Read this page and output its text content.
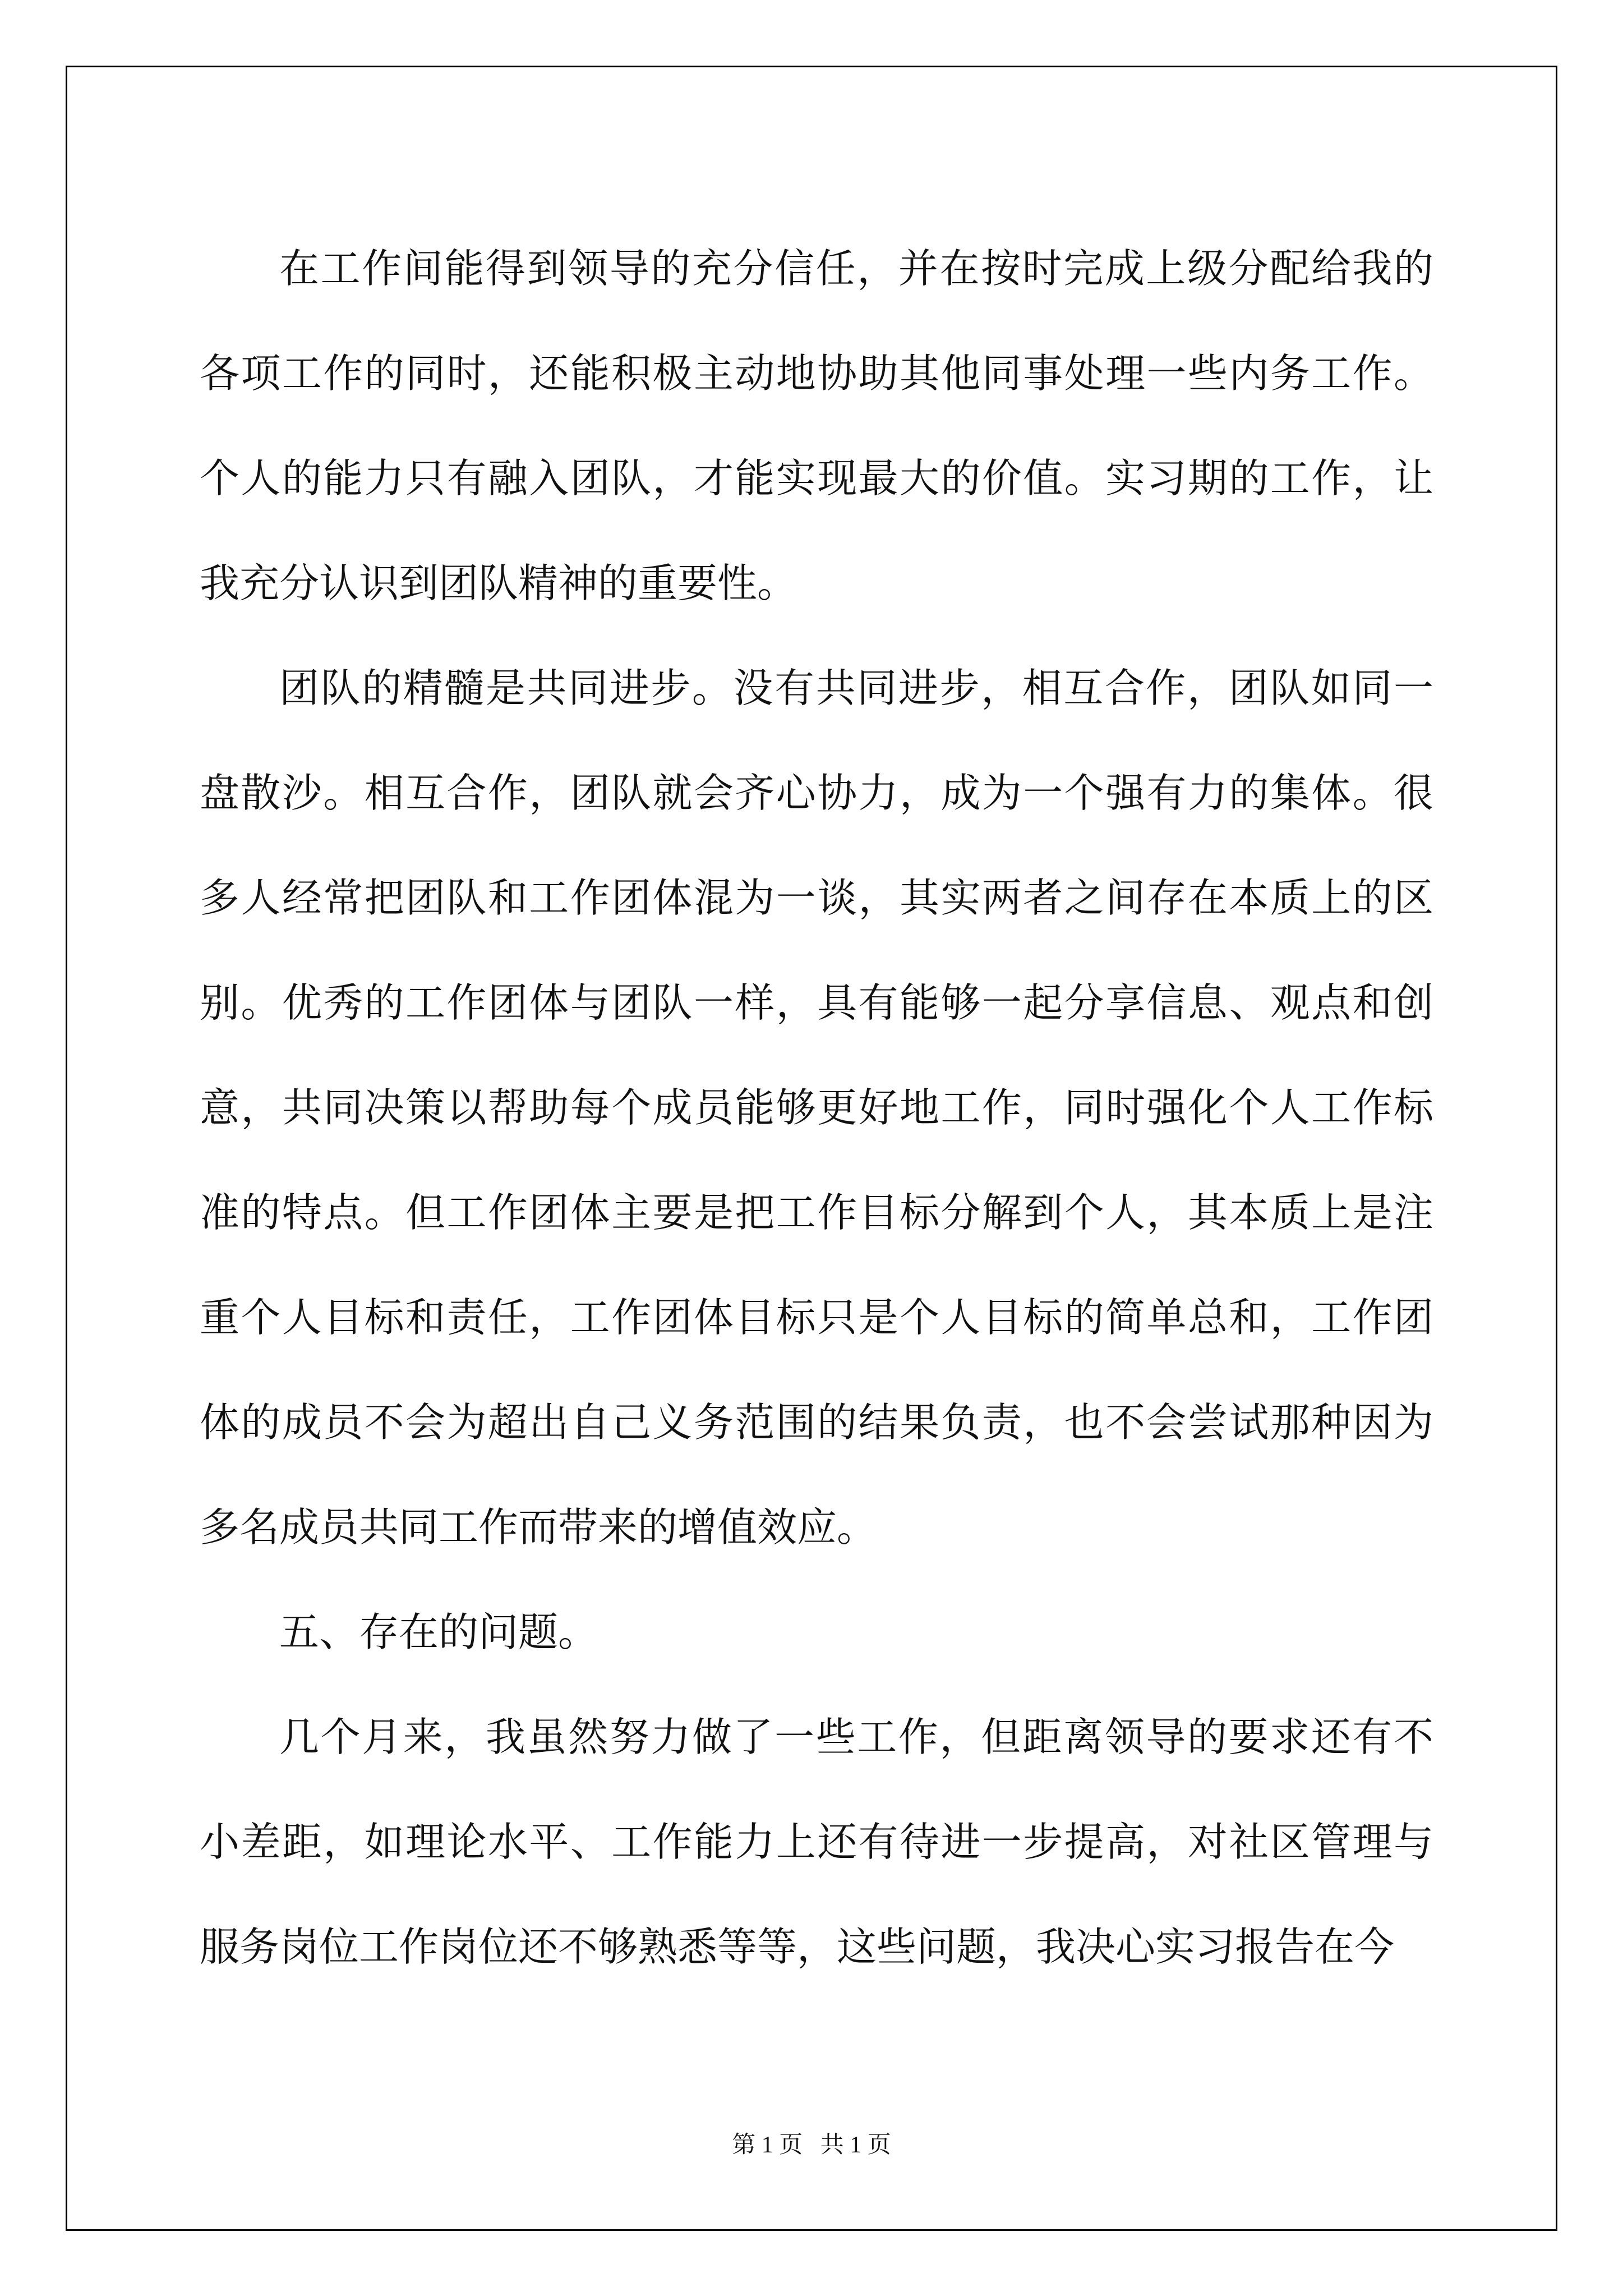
在工作间能得到领导的充分信任，并在按时完成上级分配给我的各项工作的同时，还能积极主动地协助其他同事处理一些内务工作。个人的能力只有融入团队，才能实现最大的价值。实习期的工作，让我充分认识到团队精神的重要性。

团队的精髓是共同进步。没有共同进步，相互合作，团队如同一盘散沙。相互合作，团队就会齐心协力，成为一个强有力的集体。很多人经常把团队和工作团体混为一谈，其实两者之间存在本质上的区别。优秀的工作团体与团队一样，具有能够一起分享信息、观点和创意，共同决策以帮助每个成员能够更好地工作，同时强化个人工作标准的特点。但工作团体主要是把工作目标分解到个人，其本质上是注重个人目标和责任，工作团体目标只是个人目标的简单总和，工作团体的成员不会为超出自己义务范围的结果负责，也不会尝试那种因为多名成员共同工作而带来的增值效应。

五、存在的问题。

几个月来，我虽然努力做了一些工作，但距离领导的要求还有不小差距，如理论水平、工作能力上还有待进一步提高，对社区管理与服务岗位工作岗位还不够熟悉等等，这些问题，我决心实习报告在今

第 1 页 共 1 页
